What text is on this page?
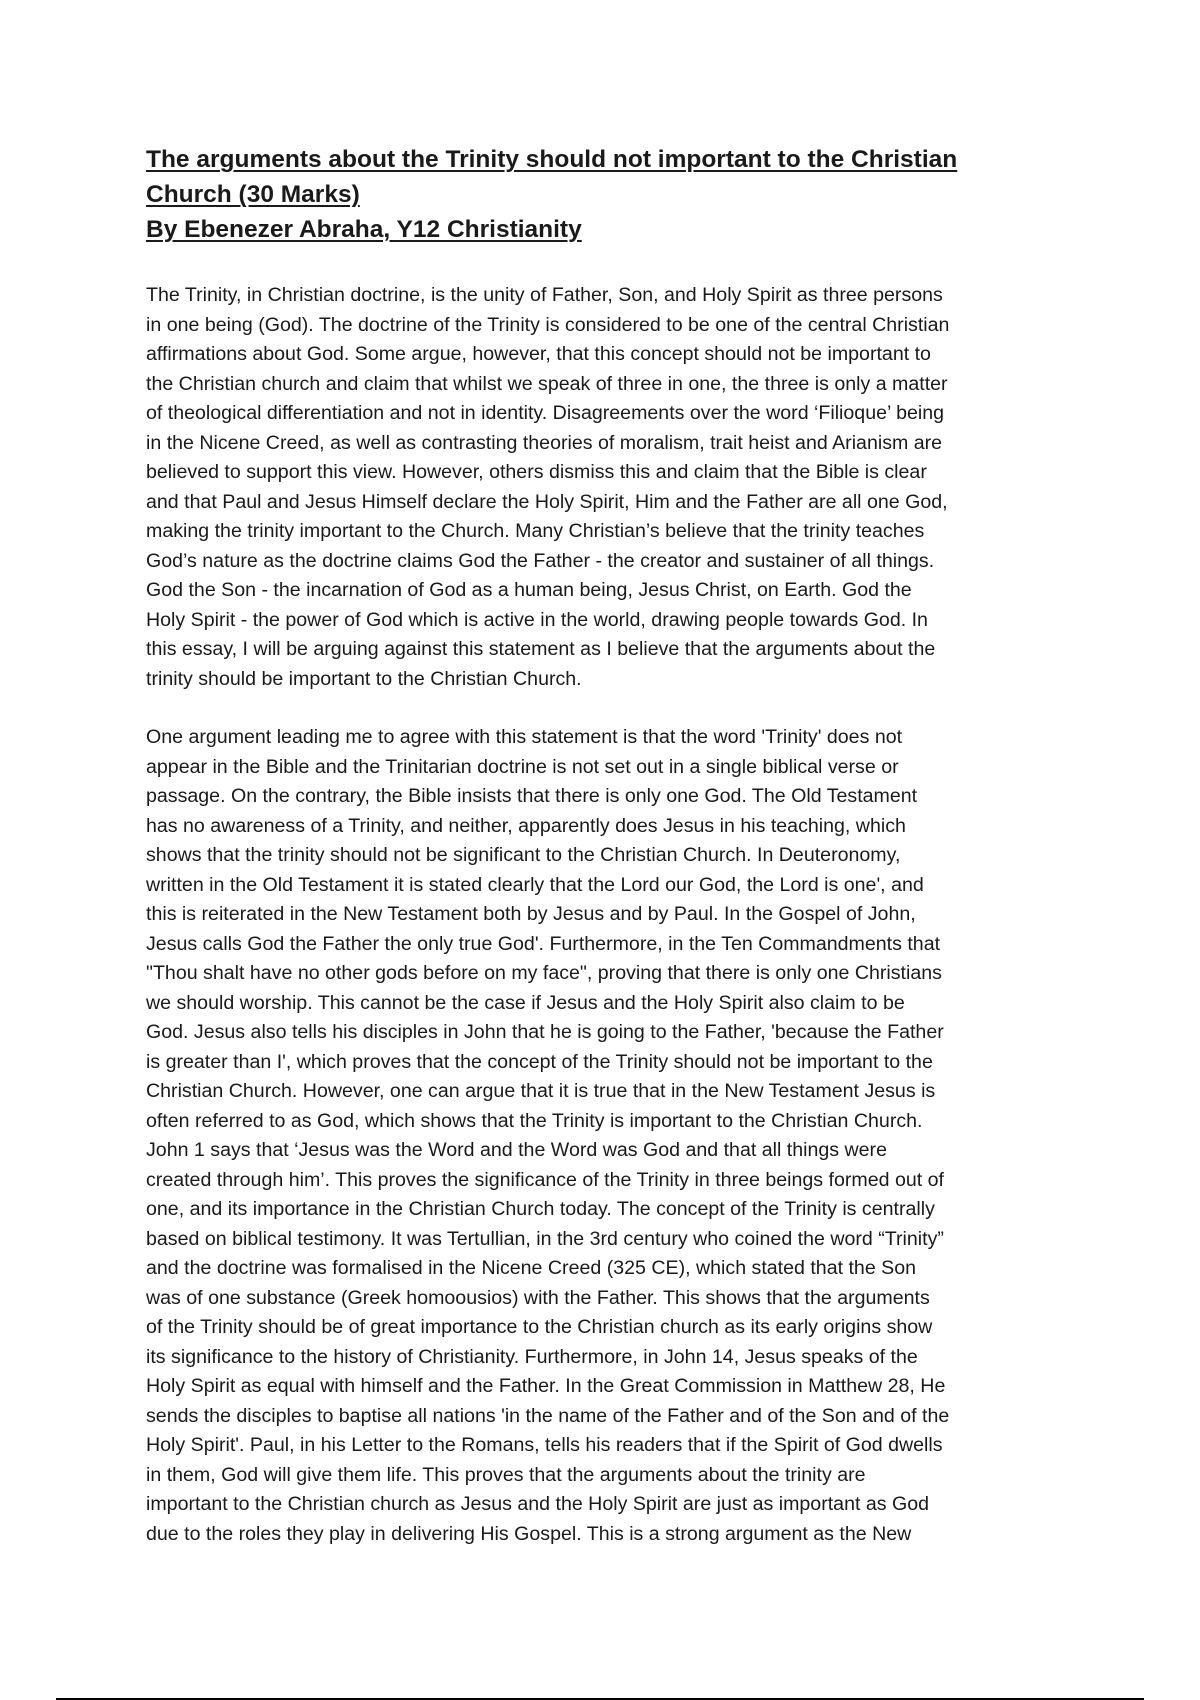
The arguments about the Trinity should not important to the Christian
Church (30 Marks)
By Ebenezer Abraha, Y12 Christianity
The Trinity, in Christian doctrine, is the unity of Father, Son, and Holy Spirit as three persons
in one being (God). The doctrine of the Trinity is considered to be one of the central Christian
affirmations about God. Some argue, however, that this concept should not be important to
the Christian church and claim that whilst we speak of three in one, the three is only a matter
of theological differentiation and not in identity. Disagreements over the word ‘Filioque’ being
in the Nicene Creed, as well as contrasting theories of moralism, trait heist and Arianism are
believed to support this view. However, others dismiss this and claim that the Bible is clear
and that Paul and Jesus Himself declare the Holy Spirit, Him and the Father are all one God,
making the trinity important to the Church. Many Christian’s believe that the trinity teaches
God’s nature as the doctrine claims God the Father - the creator and sustainer of all things.
God the Son - the incarnation of God as a human being, Jesus Christ, on Earth. God the
Holy Spirit - the power of God which is active in the world, drawing people towards God. In
this essay, I will be arguing against this statement as I believe that the arguments about the
trinity should be important to the Christian Church.
One argument leading me to agree with this statement is that the word 'Trinity' does not
appear in the Bible and the Trinitarian doctrine is not set out in a single biblical verse or
passage. On the contrary, the Bible insists that there is only one God. The Old Testament
has no awareness of a Trinity, and neither, apparently does Jesus in his teaching, which
shows that the trinity should not be significant to the Christian Church. In Deuteronomy,
written in the Old Testament it is stated clearly that the Lord our God, the Lord is one', and
this is reiterated in the New Testament both by Jesus and by Paul. In the Gospel of John,
Jesus calls God the Father the only true God'. Furthermore, in the Ten Commandments that
"Thou shalt have no other gods before on my face", proving that there is only one Christians
we should worship. This cannot be the case if Jesus and the Holy Spirit also claim to be
God. Jesus also tells his disciples in John that he is going to the Father, 'because the Father
is greater than I', which proves that the concept of the Trinity should not be important to the
Christian Church. However, one can argue that it is true that in the New Testament Jesus is
often referred to as God, which shows that the Trinity is important to the Christian Church.
John 1 says that ‘Jesus was the Word and the Word was God and that all things were
created through him’. This proves the significance of the Trinity in three beings formed out of
one, and its importance in the Christian Church today. The concept of the Trinity is centrally
based on biblical testimony. It was Tertullian, in the 3rd century who coined the word “Trinity”
and the doctrine was formalised in the Nicene Creed (325 CE), which stated that the Son
was of one substance (Greek homoousios) with the Father. This shows that the arguments
of the Trinity should be of great importance to the Christian church as its early origins show
its significance to the history of Christianity. Furthermore, in John 14, Jesus speaks of the
Holy Spirit as equal with himself and the Father. In the Great Commission in Matthew 28, He
sends the disciples to baptise all nations 'in the name of the Father and of the Son and of the
Holy Spirit'. Paul, in his Letter to the Romans, tells his readers that if the Spirit of God dwells
in them, God will give them life. This proves that the arguments about the trinity are
important to the Christian church as Jesus and the Holy Spirit are just as important as God
due to the roles they play in delivering His Gospel. This is a strong argument as the New
